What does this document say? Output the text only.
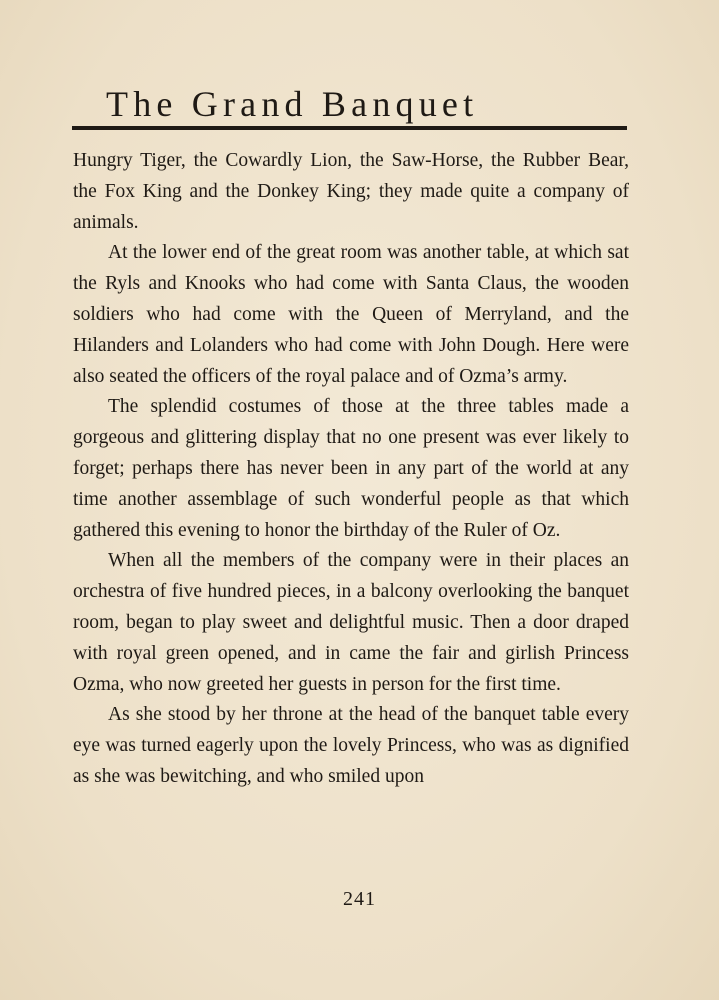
The Grand Banquet

Hungry Tiger, the Cowardly Lion, the Saw-Horse, the Rubber Bear, the Fox King and the Donkey King; they made quite a company of animals.

At the lower end of the great room was another table, at which sat the Ryls and Knooks who had come with Santa Claus, the wooden soldiers who had come with the Queen of Merryland, and the Hilanders and Lolanders who had come with John Dough. Here were also seated the officers of the royal palace and of Ozma’s army.

The splendid costumes of those at the three tables made a gorgeous and glittering display that no one present was ever likely to forget; perhaps there has never been in any part of the world at any time another assemblage of such wonderful people as that which gathered this evening to honor the birthday of the Ruler of Oz.

When all the members of the company were in their places an orchestra of five hundred pieces, in a balcony overlooking the banquet room, began to play sweet and delightful music. Then a door draped with royal green opened, and in came the fair and girlish Princess Ozma, who now greeted her guests in person for the first time.

As she stood by her throne at the head of the banquet table every eye was turned eagerly upon the lovely Princess, who was as dignified as she was bewitching, and who smiled upon

241
